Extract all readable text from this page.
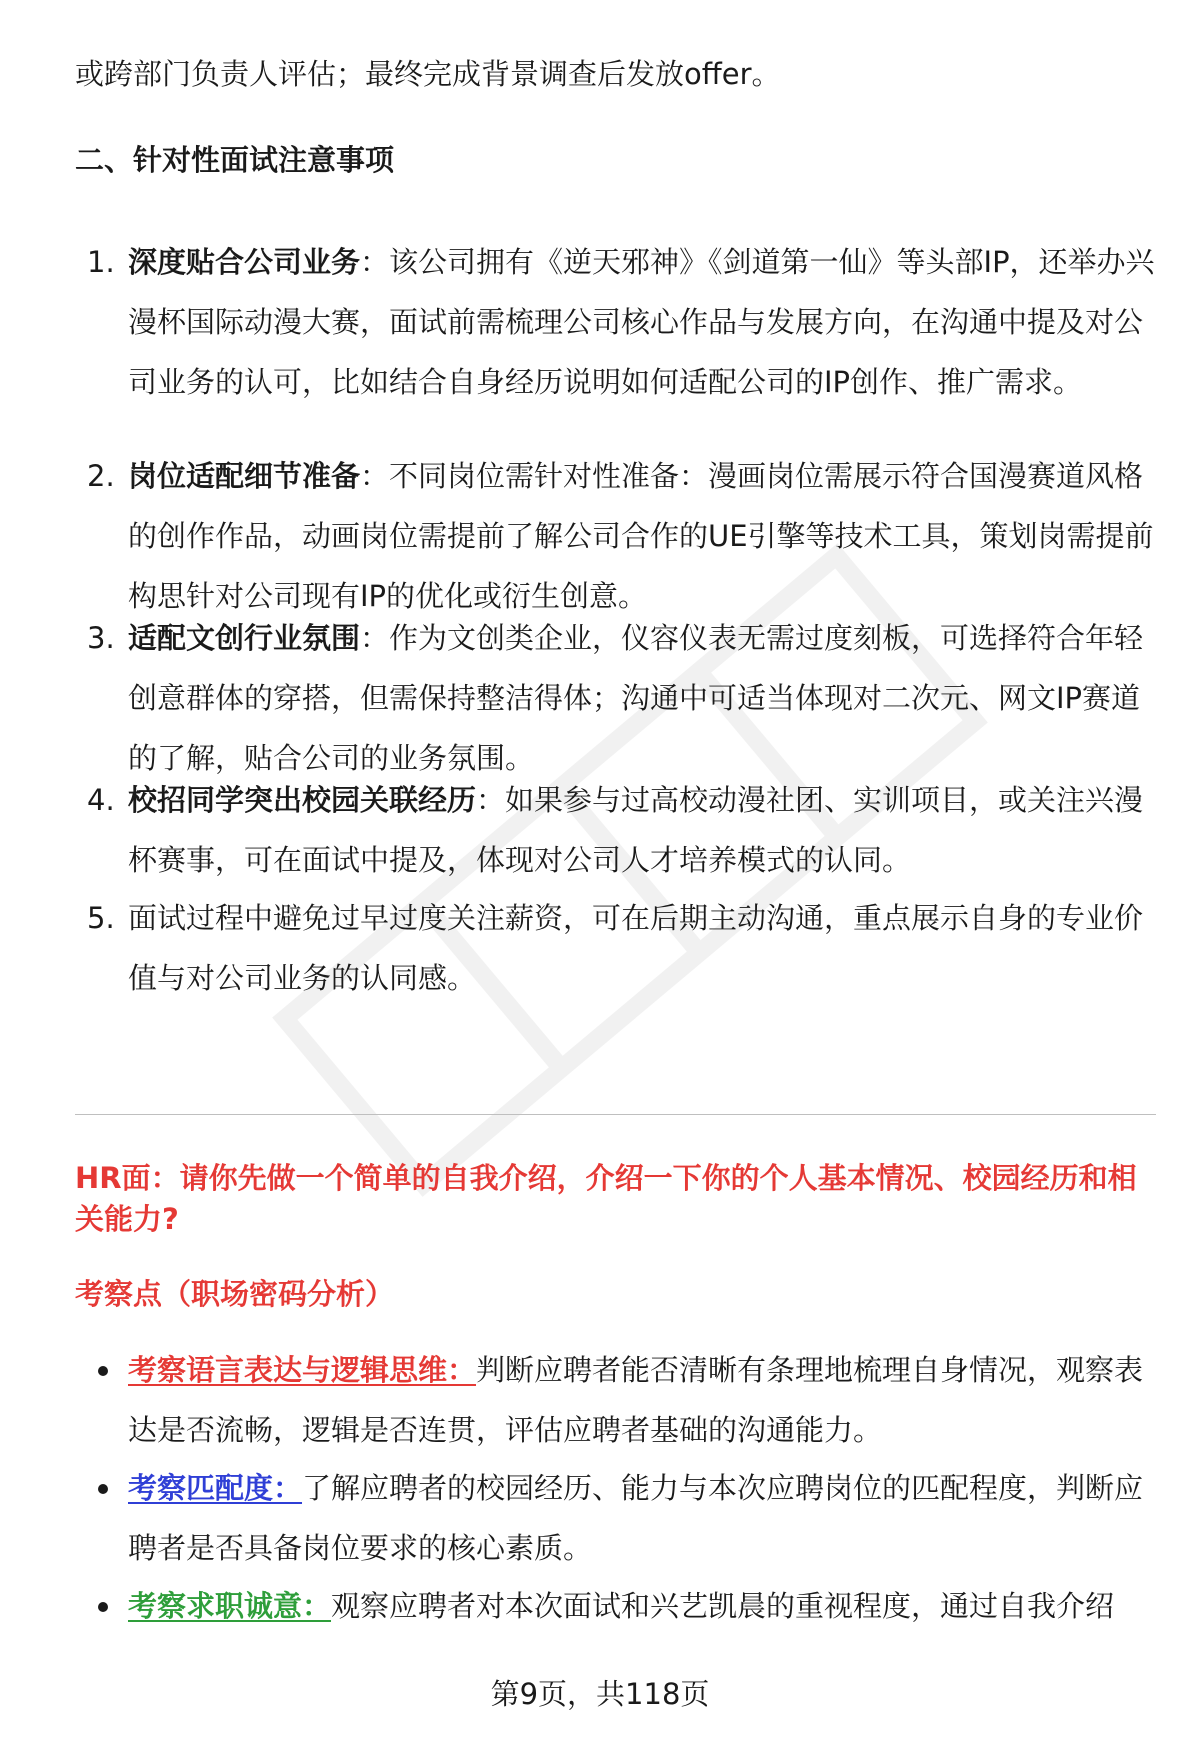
或跨部门负责人评估；最终完成背景调查后发放offer。

二、针对性面试注意事项
1. 深度贴合公司业务：该公司拥有《逆天邪神》《剑道第一仙》等头部IP，还举办兴漫杯国际动漫大赛，面试前需梳理公司核心作品与发展方向，在沟通中提及对公司业务的认可，比如结合自身经历说明如何适配公司的IP创作、推广需求。
2. 岗位适配细节准备：不同岗位需针对性准备：漫画岗位需展示符合国漫赛道风格的创作作品，动画岗位需提前了解公司合作的UE引擎等技术工具，策划岗需提前构思针对公司现有IP的优化或衍生创意。
3. 适配文创行业氛围：作为文创类企业，仪容仪表无需过度刻板，可选择符合年轻创意群体的穿搭，但需保持整洁得体；沟通中可适当体现对二次元、网文IP赛道的了解，贴合公司的业务氛围。
4. 校招同学突出校园关联经历：如果参与过高校动漫社团、实训项目，或关注兴漫杯赛事，可在面试中提及，体现对公司人才培养模式的认同。
5. 面试过程中避免过早过度关注薪资，可在后期主动沟通，重点展示自身的专业价值与对公司业务的认同感。

HR面：请你先做一个简单的自我介绍，介绍一下你的个人基本情况、校园经历和相关能力?

考察点（职场密码分析）

考察语言表达与逻辑思维：判断应聘者能否清晰有条理地梳理自身情况，观察表达是否流畅，逻辑是否连贯，评估应聘者基础的沟通能力。
考察匹配度：了解应聘者的校园经历、能力与本次应聘岗位的匹配程度，判断应聘者是否具备岗位要求的核心素质。
考察求职诚意：观察应聘者对本次面试和兴艺凯晨的重视程度，通过自我介绍

第9页，共118页
